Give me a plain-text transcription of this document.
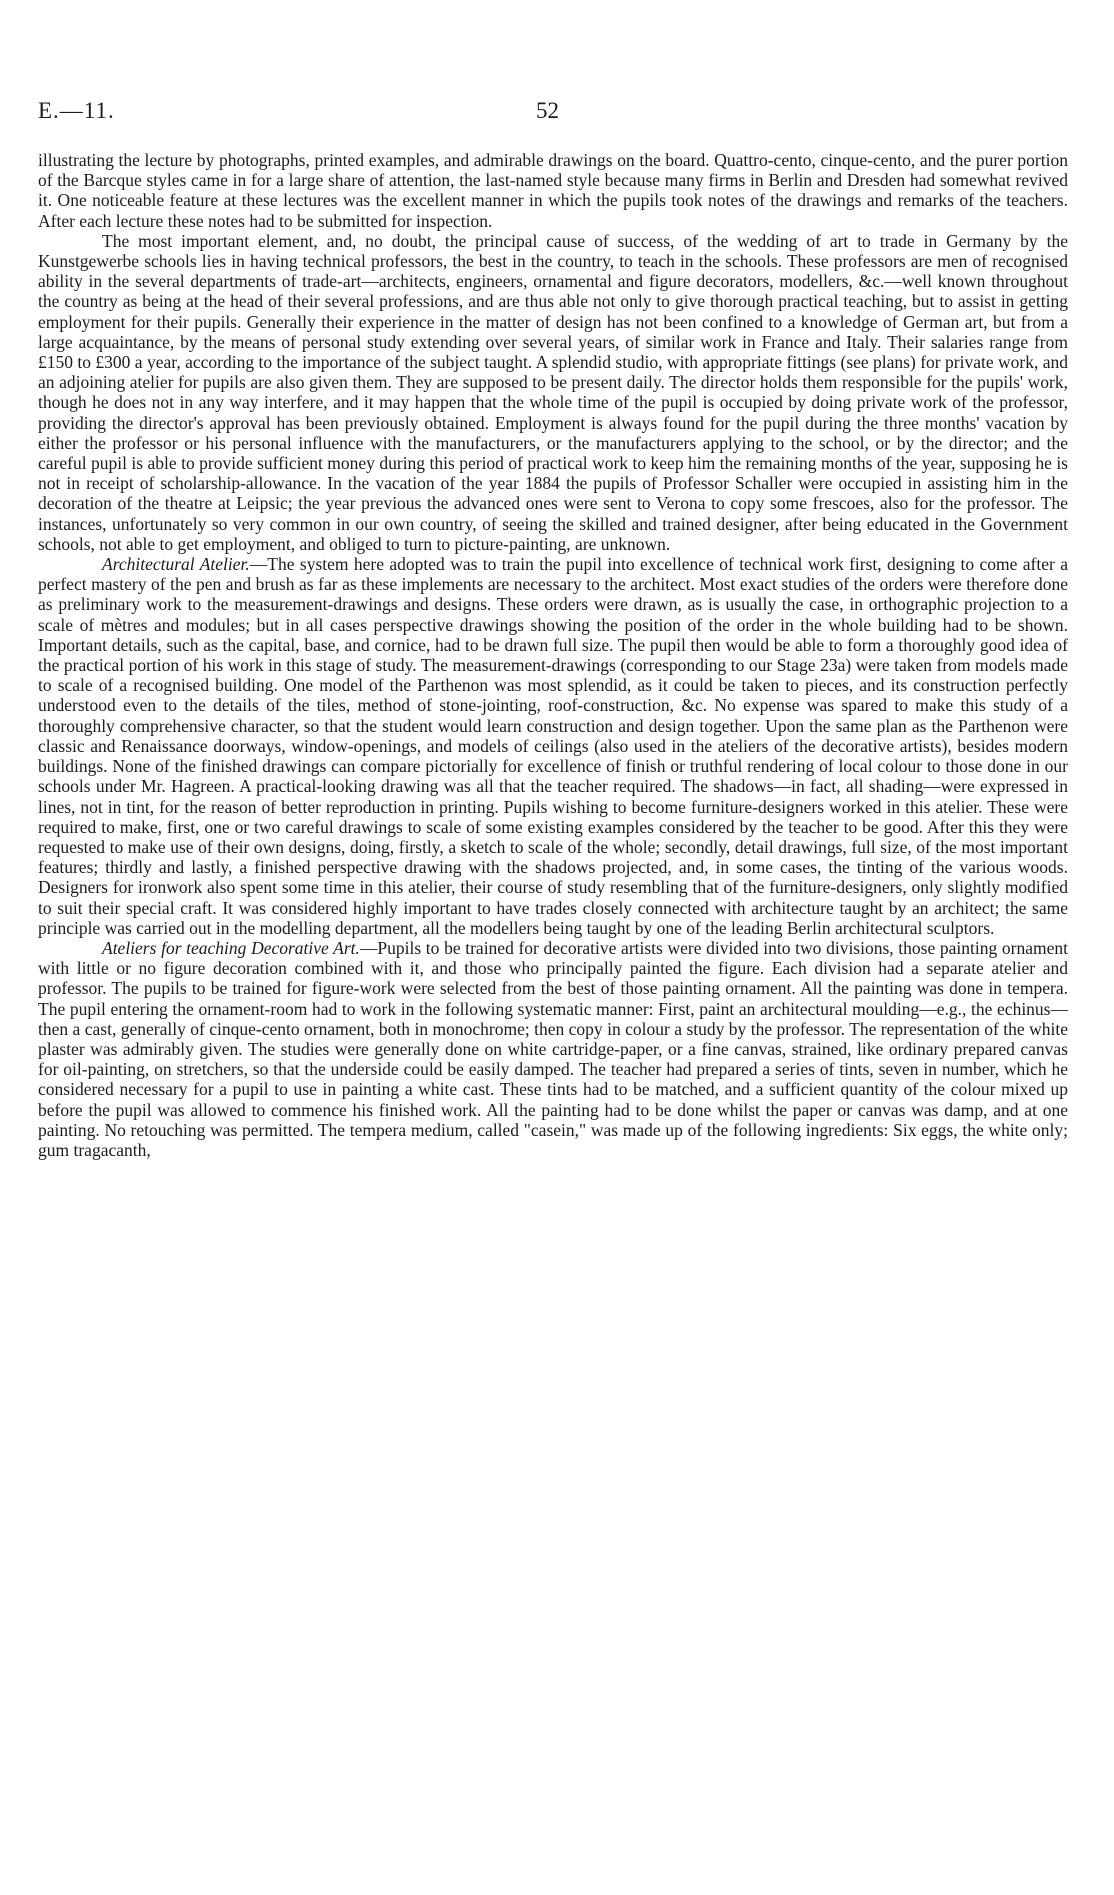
E.—11.	52

illustrating the lecture by photographs, printed examples, and admirable drawings on the board. Quattro-cento, cinque-cento, and the purer portion of the Barcque styles came in for a large share of attention, the last-named style because many firms in Berlin and Dresden had somewhat revived it. One noticeable feature at these lectures was the excellent manner in which the pupils took notes of the drawings and remarks of the teachers. After each lecture these notes had to be submitted for inspection.

The most important element, and, no doubt, the principal cause of success, of the wedding of art to trade in Germany by the Kunstgewerbe schools lies in having technical professors, the best in the country, to teach in the schools. These professors are men of recognised ability in the several departments of trade-art—architects, engineers, ornamental and figure decorators, modellers, &c.—well known throughout the country as being at the head of their several professions, and are thus able not only to give thorough practical teaching, but to assist in getting employment for their pupils. Generally their experience in the matter of design has not been confined to a knowledge of German art, but from a large acquaintance, by the means of personal study extending over several years, of similar work in France and Italy. Their salaries range from £150 to £300 a year, according to the importance of the subject taught. A splendid studio, with appropriate fittings (see plans) for private work, and an adjoining atelier for pupils are also given them. They are supposed to be present daily. The director holds them responsible for the pupils' work, though he does not in any way interfere, and it may happen that the whole time of the pupil is occupied by doing private work of the professor, providing the director's approval has been previously obtained. Employment is always found for the pupil during the three months' vacation by either the professor or his personal influence with the manufacturers, or the manufacturers applying to the school, or by the director; and the careful pupil is able to provide sufficient money during this period of practical work to keep him the remaining months of the year, supposing he is not in receipt of scholarship-allowance. In the vacation of the year 1884 the pupils of Professor Schaller were occupied in assisting him in the decoration of the theatre at Leipsic; the year previous the advanced ones were sent to Verona to copy some frescoes, also for the professor. The instances, unfortunately so very common in our own country, of seeing the skilled and trained designer, after being educated in the Government schools, not able to get employment, and obliged to turn to picture-painting, are unknown.

Architectural Atelier.—The system here adopted was to train the pupil into excellence of technical work first, designing to come after a perfect mastery of the pen and brush as far as these implements are necessary to the architect. Most exact studies of the orders were therefore done as preliminary work to the measurement-drawings and designs. These orders were drawn, as is usually the case, in orthographic projection to a scale of mètres and modules; but in all cases perspective drawings showing the position of the order in the whole building had to be shown. Important details, such as the capital, base, and cornice, had to be drawn full size. The pupil then would be able to form a thoroughly good idea of the practical portion of his work in this stage of study. The measurement-drawings (corresponding to our Stage 23a) were taken from models made to scale of a recognised building. One model of the Parthenon was most splendid, as it could be taken to pieces, and its construction perfectly understood even to the details of the tiles, method of stone-jointing, roof-construction, &c. No expense was spared to make this study of a thoroughly comprehensive character, so that the student would learn construction and design together. Upon the same plan as the Parthenon were classic and Renaissance doorways, window-openings, and models of ceilings (also used in the ateliers of the decorative artists), besides modern buildings. None of the finished drawings can compare pictorially for excellence of finish or truthful rendering of local colour to those done in our schools under Mr. Hagreen. A practical-looking drawing was all that the teacher required. The shadows—in fact, all shading—were expressed in lines, not in tint, for the reason of better reproduction in printing. Pupils wishing to become furniture-designers worked in this atelier. These were required to make, first, one or two careful drawings to scale of some existing examples considered by the teacher to be good. After this they were requested to make use of their own designs, doing, firstly, a sketch to scale of the whole; secondly, detail drawings, full size, of the most important features; thirdly and lastly, a finished perspective drawing with the shadows projected, and, in some cases, the tinting of the various woods. Designers for ironwork also spent some time in this atelier, their course of study resembling that of the furniture-designers, only slightly modified to suit their special craft. It was considered highly important to have trades closely connected with architecture taught by an architect; the same principle was carried out in the modelling department, all the modellers being taught by one of the leading Berlin architectural sculptors.

Ateliers for teaching Decorative Art.—Pupils to be trained for decorative artists were divided into two divisions, those painting ornament with little or no figure decoration combined with it, and those who principally painted the figure. Each division had a separate atelier and professor. The pupils to be trained for figure-work were selected from the best of those painting ornament. All the painting was done in tempera. The pupil entering the ornament-room had to work in the following systematic manner: First, paint an architectural moulding—e.g., the echinus—then a cast, generally of cinque-cento ornament, both in monochrome; then copy in colour a study by the professor. The representation of the white plaster was admirably given. The studies were generally done on white cartridge-paper, or a fine canvas, strained, like ordinary prepared canvas for oil-painting, on stretchers, so that the underside could be easily damped. The teacher had prepared a series of tints, seven in number, which he considered necessary for a pupil to use in painting a white cast. These tints had to be matched, and a sufficient quantity of the colour mixed up before the pupil was allowed to commence his finished work. All the painting had to be done whilst the paper or canvas was damp, and at one painting. No retouching was permitted. The tempera medium, called "casein," was made up of the following ingredients: Six eggs, the white only; gum tragacanth,
